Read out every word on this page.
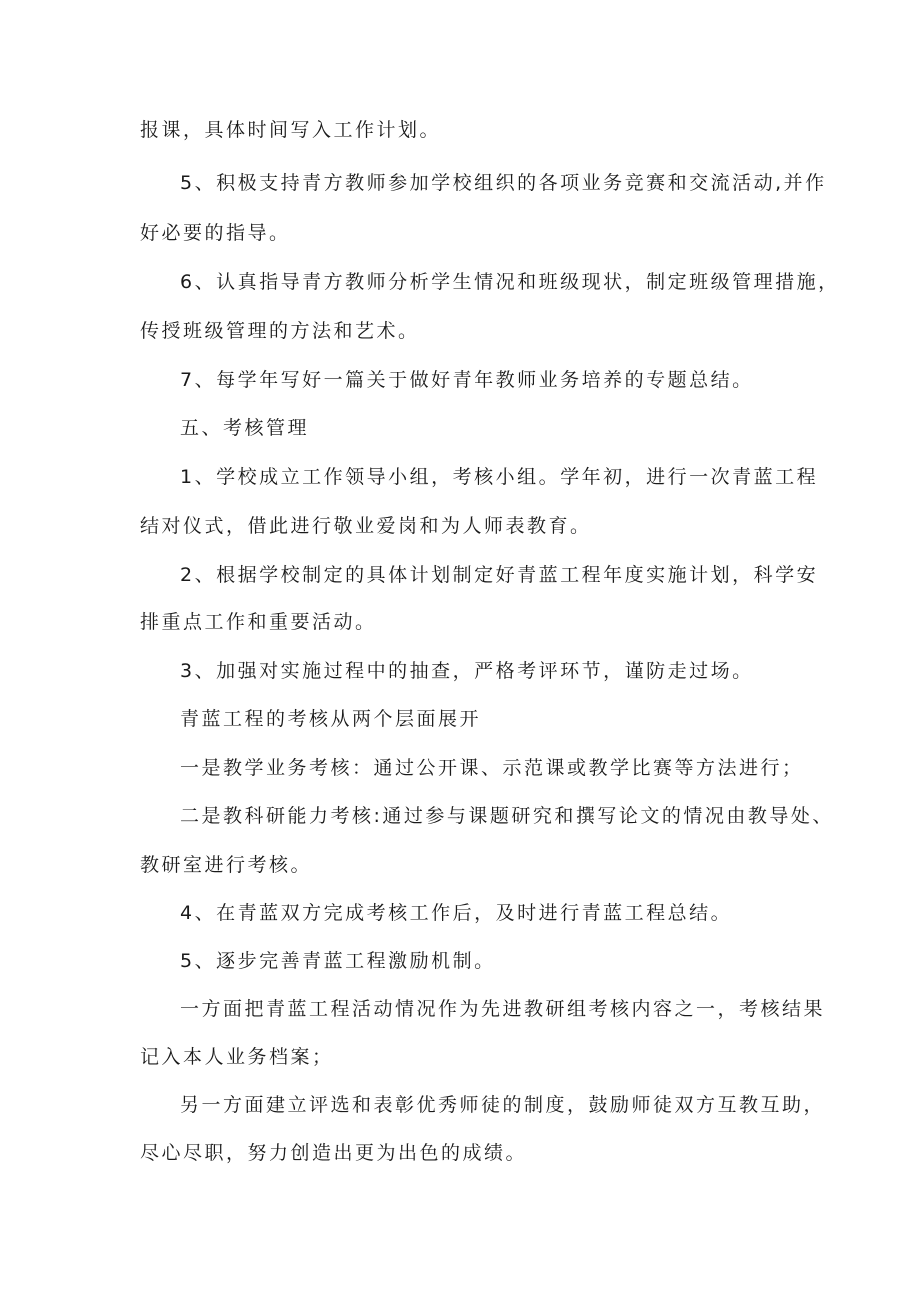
报课，具体时间写入工作计划。
5、积极支持青方教师参加学校组织的各项业务竞赛和交流活动,并作
好必要的指导。
6、认真指导青方教师分析学生情况和班级现状，制定班级管理措施，
传授班级管理的方法和艺术。
7、每学年写好一篇关于做好青年教师业务培养的专题总结。
五、考核管理
1、学校成立工作领导小组，考核小组。学年初，进行一次青蓝工程
结对仪式，借此进行敬业爱岗和为人师表教育。
2、根据学校制定的具体计划制定好青蓝工程年度实施计划，科学安
排重点工作和重要活动。
3、加强对实施过程中的抽查，严格考评环节，谨防走过场。
青蓝工程的考核从两个层面展开
一是教学业务考核：通过公开课、示范课或教学比赛等方法进行；
二是教科研能力考核:通过参与课题研究和撰写论文的情况由教导处、
教研室进行考核。
4、在青蓝双方完成考核工作后，及时进行青蓝工程总结。
5、逐步完善青蓝工程激励机制。
一方面把青蓝工程活动情况作为先进教研组考核内容之一，考核结果
记入本人业务档案；
另一方面建立评选和表彰优秀师徒的制度，鼓励师徒双方互教互助，
尽心尽职，努力创造出更为出色的成绩。
